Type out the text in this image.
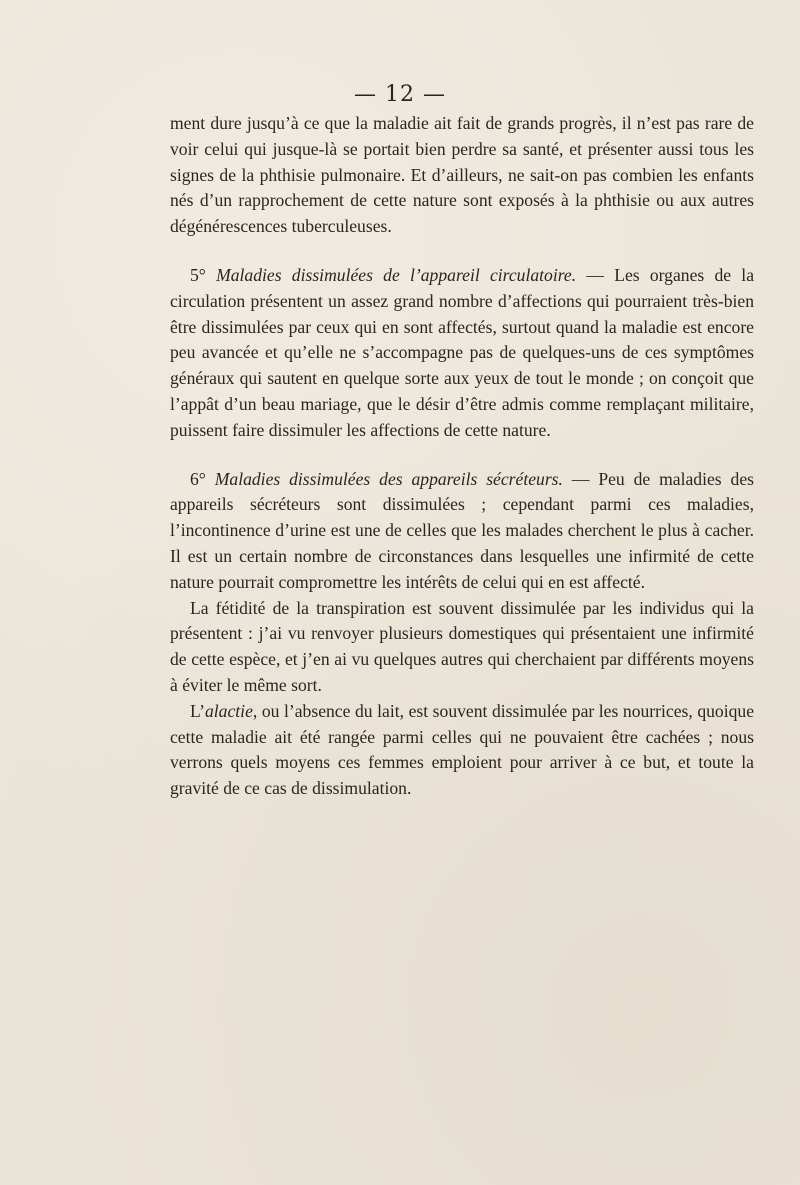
— 12 —

ment dure jusqu’à ce que la maladie ait fait de grands progrès, il n’est pas rare de voir celui qui jusque-là se portait bien perdre sa santé, et présenter aussi tous les signes de la phthisie pulmonaire. Et d’ailleurs, ne sait-on pas combien les enfants nés d’un rapprochement de cette nature sont exposés à la phthisie ou aux autres dégénérescences tuberculeuses.

5° Maladies dissimulées de l’appareil circulatoire. — Les organes de la circulation présentent un assez grand nombre d’affections qui pourraient très-bien être dissimulées par ceux qui en sont affectés, surtout quand la maladie est encore peu avancée et qu’elle ne s’accompagne pas de quelques-uns de ces symptômes généraux qui sautent en quelque sorte aux yeux de tout le monde ; on conçoit que l’appât d’un beau mariage, que le désir d’être admis comme remplaçant militaire, puissent faire dissimuler les affections de cette nature.

6° Maladies dissimulées des appareils sécréteurs. — Peu de maladies des appareils sécréteurs sont dissimulées ; cependant parmi ces maladies, l’incontinence d’urine est une de celles que les malades cherchent le plus à cacher. Il est un certain nombre de circonstances dans lesquelles une infirmité de cette nature pourrait compromettre les intérêts de celui qui en est affecté.

La fétidité de la transpiration est souvent dissimulée par les individus qui la présentent : j’ai vu renvoyer plusieurs domestiques qui présentaient une infirmité de cette espèce, et j’en ai vu quelques autres qui cherchaient par différents moyens à éviter le même sort.

L’alactie, ou l’absence du lait, est souvent dissimulée par les nourrices, quoique cette maladie ait été rangée parmi celles qui ne pouvaient être cachées ; nous verrons quels moyens ces femmes emploient pour arriver à ce but, et toute la gravité de ce cas de dissimulation.
